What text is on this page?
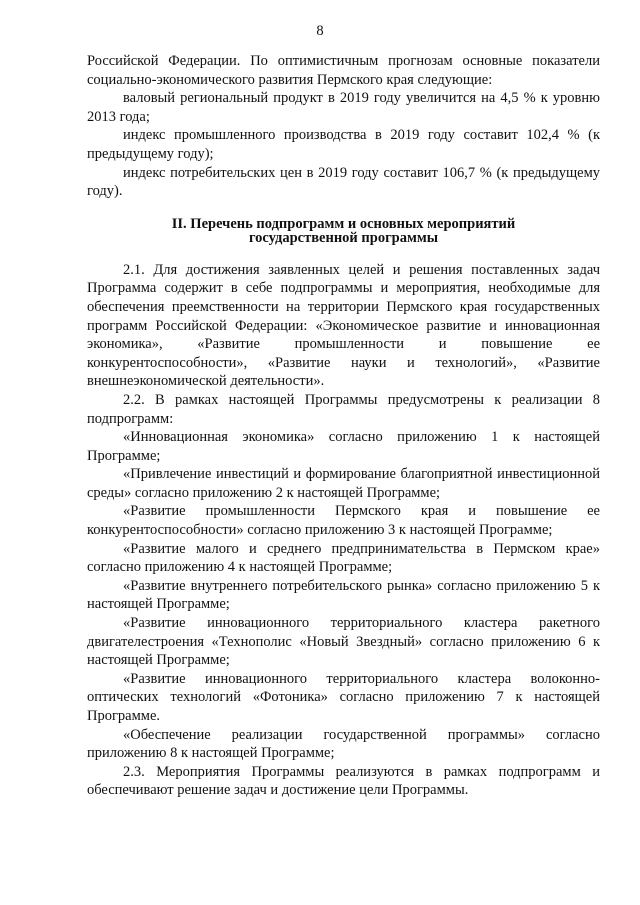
8

Российской Федерации. По оптимистичным прогнозам основные показатели социально-экономического развития Пермского края следующие:

валовый региональный продукт в 2019 году увеличится на 4,5 % к уровню 2013 года;

индекс промышленного производства в 2019 году составит 102,4 % (к предыдущему году);

индекс потребительских цен в 2019 году составит 106,7 % (к предыдущему году).

II. Перечень подпрограмм и основных мероприятий
государственной программы

2.1. Для достижения заявленных целей и решения поставленных задач Программа содержит в себе подпрограммы и мероприятия, необходимые для обеспечения преемственности на территории Пермского края государственных программ Российской Федерации: «Экономическое развитие и инновационная экономика», «Развитие промышленности и повышение ее конкурентоспособности», «Развитие науки и технологий», «Развитие внешнеэкономической деятельности».

2.2. В рамках настоящей Программы предусмотрены к реализации 8 подпрограмм:

«Инновационная экономика» согласно приложению 1 к настоящей Программе;

«Привлечение инвестиций и формирование благоприятной инвестиционной среды» согласно приложению 2 к настоящей Программе;

«Развитие промышленности Пермского края и повышение ее конкурентоспособности» согласно приложению 3 к настоящей Программе;

«Развитие малого и среднего предпринимательства в Пермском крае» согласно приложению 4 к настоящей Программе;

«Развитие внутреннего потребительского рынка» согласно приложению 5 к настоящей Программе;

«Развитие инновационного территориального кластера ракетного двигателестроения «Технополис «Новый Звездный» согласно приложению 6 к настоящей Программе;

«Развитие инновационного территориального кластера волоконно-оптических технологий «Фотоника» согласно приложению 7 к настоящей Программе.

«Обеспечение реализации государственной программы» согласно приложению 8 к настоящей Программе;

2.3. Мероприятия Программы реализуются в рамках подпрограмм и обеспечивают решение задач и достижение цели Программы.
